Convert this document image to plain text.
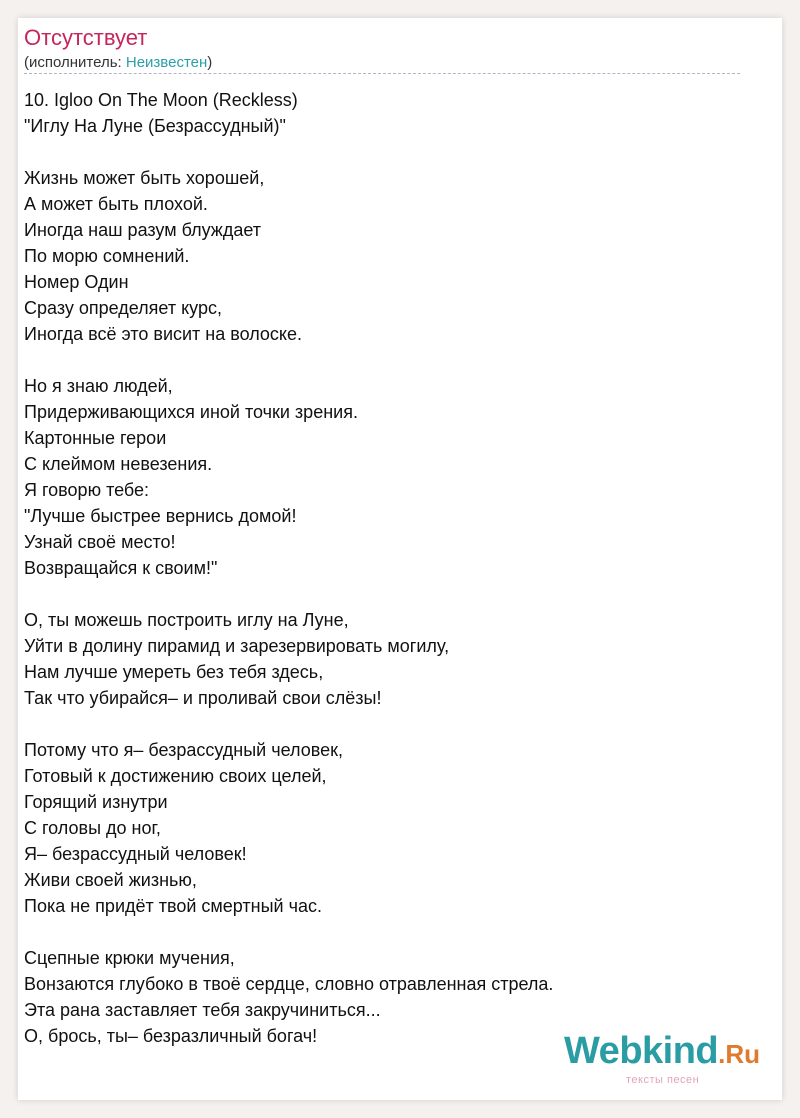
Отсутствует
(исполнитель: Неизвестен)
10. Igloo On The Moon (Reckless)
"Иглу На Луне (Безрассудный)"
Жизнь может быть хорошей,
А может быть плохой.
Иногда наш разум блуждает
По морю сомнений.
Номер Один
Сразу определяет курс,
Иногда всё это висит на волоске.
Но я знаю людей,
Придерживающихся иной точки зрения.
Картонные герои
С клеймом невезения.
Я говорю тебе:
"Лучше быстрее вернись домой!
Узнай своё место!
Возвращайся к своим!"
О, ты можешь построить иглу на Луне,
Уйти в долину пирамид и зарезервировать могилу,
Нам лучше умереть без тебя здесь,
Так что убирайся– и проливай свои слёзы!
Потому что я– безрассудный человек,
Готовый к достижению своих целей,
Горящий изнутри
С головы до ног,
Я– безрассудный человек!
Живи своей жизнью,
Пока не придёт твой смертный час.
Сцепные крюки мучения,
Вонзаются глубоко в твоё сердце, словно отравленная стрела.
Эта рана заставляет тебя закручиниться...
О, брось, ты– безразличный богач!	Webkind.Ru
тексты песен
